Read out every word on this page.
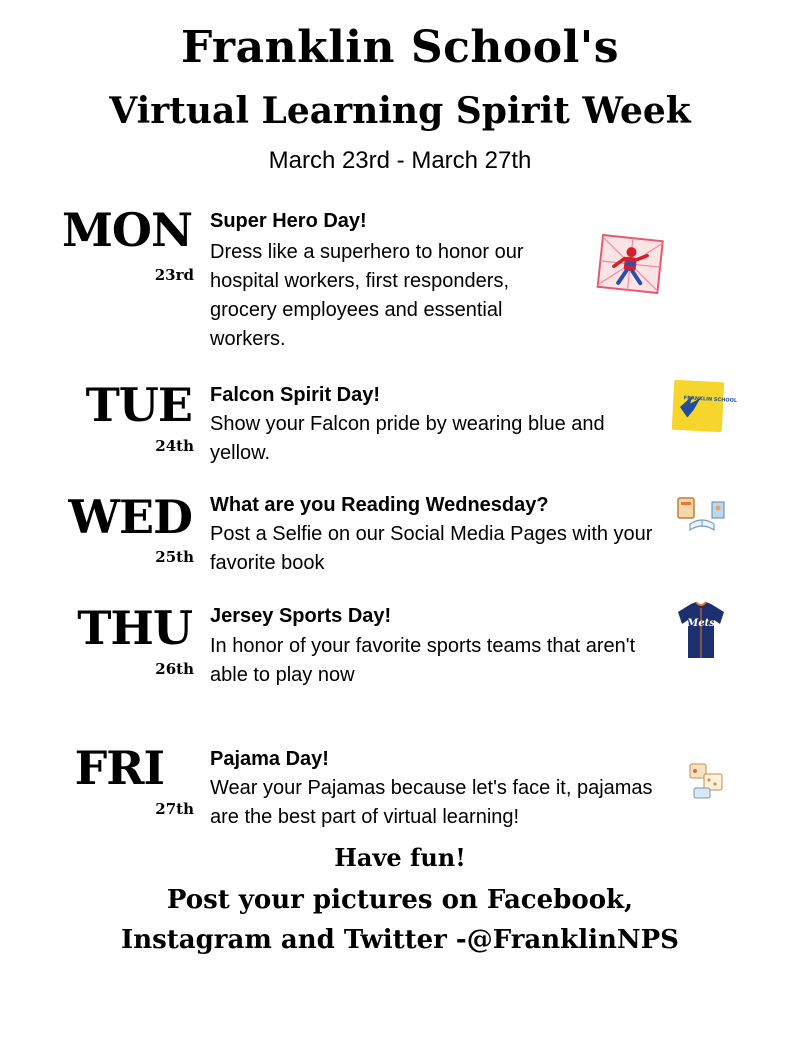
Franklin School's
Virtual Learning Spirit Week
March 23rd - March 27th
MON
23rd
Super Hero Day!
Dress like a superhero to honor our hospital workers, first responders, grocery employees and essential workers.
TUE
24th
Falcon Spirit Day!
Show your Falcon pride by wearing blue and yellow.
FRANKLIN SCHOOL
WED
25th
What are you Reading Wednesday?
Post a Selfie on our Social Media Pages with your favorite book
THU
26th
Jersey Sports Day!
In honor of your favorite sports teams that aren't able to play now
Mets
FRI
27th
Pajama Day!
Wear your Pajamas because let's face it, pajamas are the best part of virtual learning!
Have fun!
Post your pictures on Facebook,
Instagram and Twitter -@FranklinNPS
